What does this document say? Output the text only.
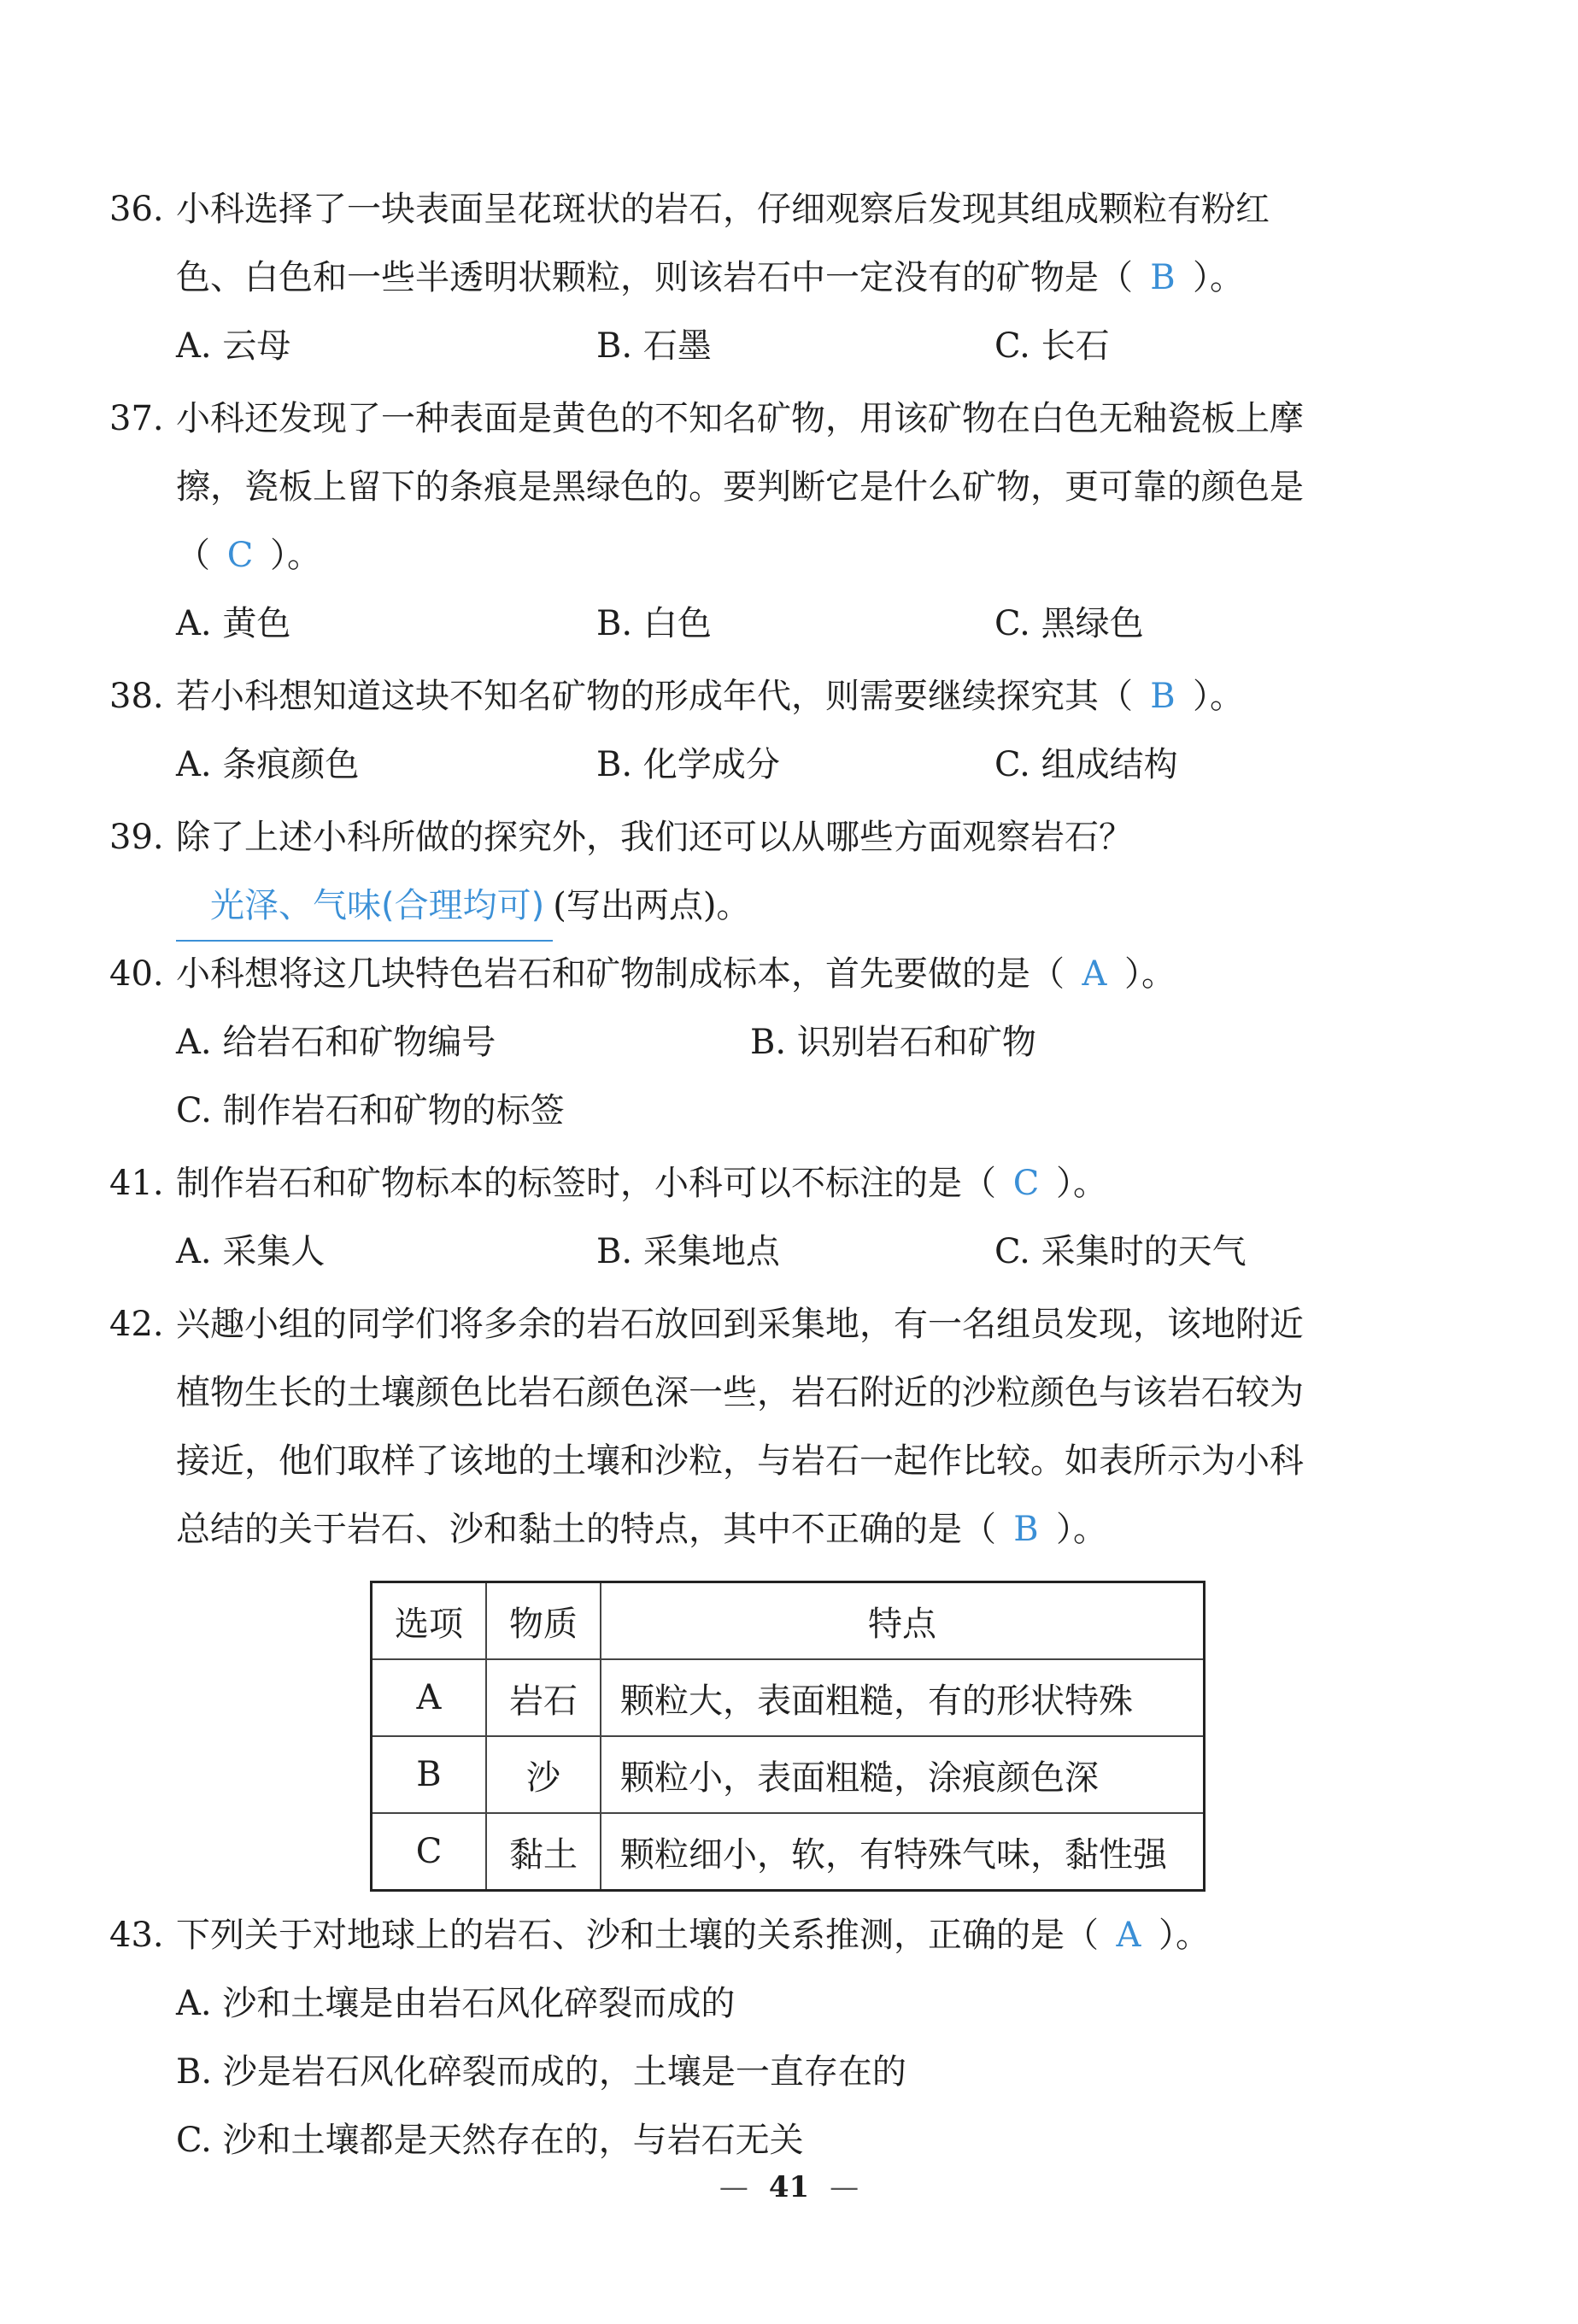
36. 小科选择了一块表面呈花斑状的岩石，仔细观察后发现其组成颗粒有粉红
色、白色和一些半透明状颗粒，则该岩石中一定没有的矿物是（ B ）。
A. 云母	B. 石墨	C. 长石
37. 小科还发现了一种表面是黄色的不知名矿物，用该矿物在白色无釉瓷板上摩
擦，瓷板上留下的条痕是黑绿色的。要判断它是什么矿物，更可靠的颜色是
（ C ）。
A. 黄色	B. 白色	C. 黑绿色
38. 若小科想知道这块不知名矿物的形成年代，则需要继续探究其（ B ）。
A. 条痕颜色	B. 化学成分	C. 组成结构
39. 除了上述小科所做的探究外，我们还可以从哪些方面观察岩石？
光泽、气味(合理均可) (写出两点)。
40. 小科想将这几块特色岩石和矿物制成标本，首先要做的是（ A ）。
A. 给岩石和矿物编号	B. 识别岩石和矿物
C. 制作岩石和矿物的标签
41. 制作岩石和矿物标本的标签时，小科可以不标注的是（ C ）。
A. 采集人	B. 采集地点	C. 采集时的天气
42. 兴趣小组的同学们将多余的岩石放回到采集地，有一名组员发现，该地附近
植物生长的土壤颜色比岩石颜色深一些，岩石附近的沙粒颜色与该岩石较为
接近，他们取样了该地的土壤和沙粒，与岩石一起作比较。如表所示为小科
总结的关于岩石、沙和黏土的特点，其中不正确的是（ B ）。
选项	物质	特点
A	岩石	颗粒大，表面粗糙，有的形状特殊
B	沙	颗粒小，表面粗糙，涂痕颜色深
C	黏土	颗粒细小，软，有特殊气味，黏性强
43. 下列关于对地球上的岩石、沙和土壤的关系推测，正确的是（ A ）。
A. 沙和土壤是由岩石风化碎裂而成的
B. 沙是岩石风化碎裂而成的，土壤是一直存在的
C. 沙和土壤都是天然存在的，与岩石无关
— 41 —
